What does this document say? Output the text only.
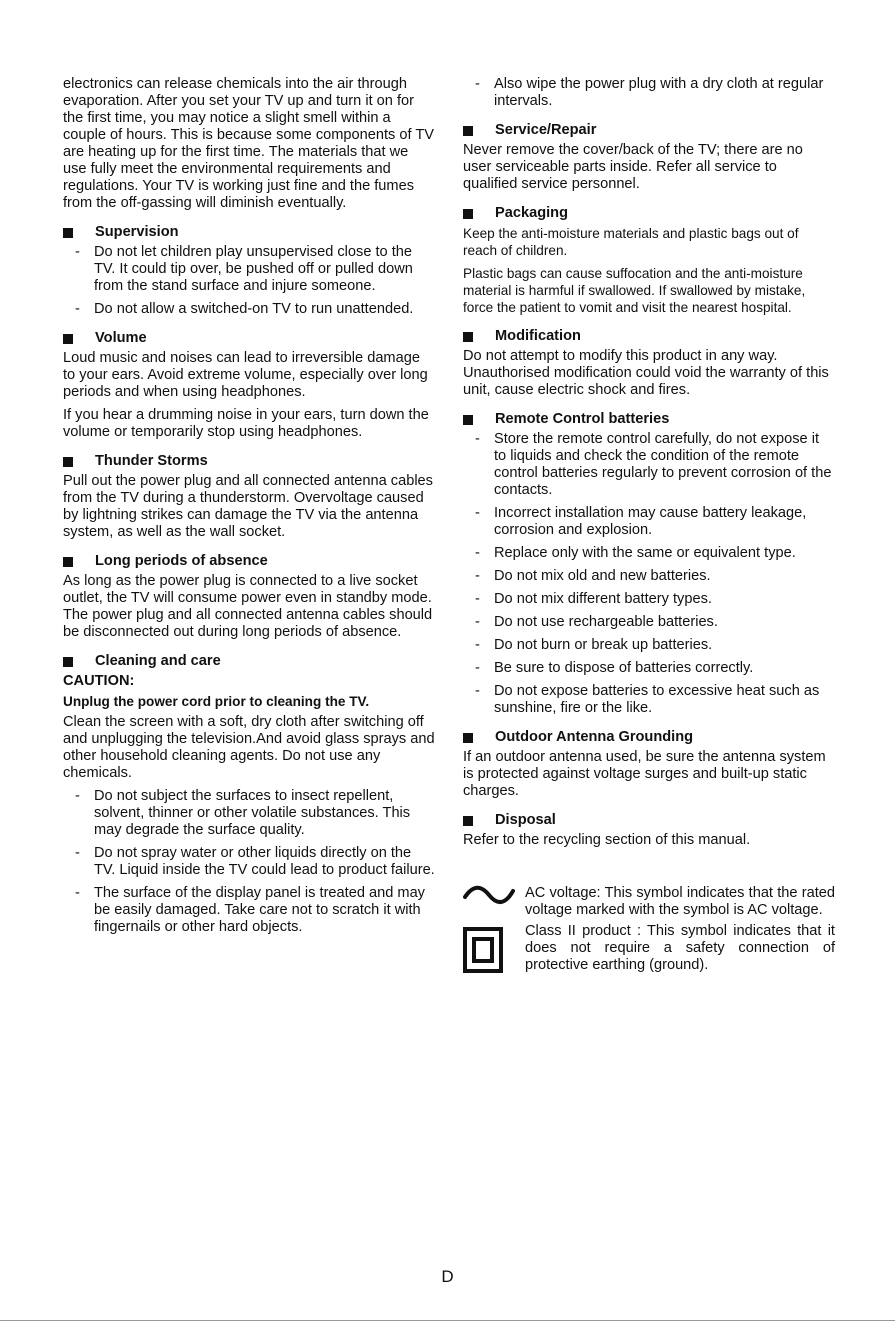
electronics can release chemicals into the air through evaporation. After you set your TV up and turn it on for the first time, you may notice a slight smell within a couple of hours. This is because some components of TV are heating up for the first time. The materials that we use fully meet the environmental requirements and regulations. Your TV is working just fine and the fumes from the off-gassing will diminish eventually.

Supervision
- Do not let children play unsupervised close to the TV. It could tip over, be pushed off or pulled down from the stand surface and injure someone.
- Do not allow a switched-on TV to run unattended.
Volume

Loud music and noises can lead to irreversible damage to your ears. Avoid extreme volume, especially over long periods and when using headphones.

If you hear a drumming noise in your ears, turn down the volume or temporarily stop using headphones.

Thunder Storms

Pull out the power plug and all connected antenna cables from the TV during a thunderstorm. Overvoltage caused by lightning strikes can damage the TV via the antenna system, as well as the wall socket.

Long periods of absence

As long as the power plug is connected to a live socket outlet, the TV will consume power even in standby mode. The power plug and all connected antenna cables should be disconnected out during long periods of absence.

Cleaning and care

CAUTION:

Unplug the power cord prior to cleaning the TV.

Clean the screen with a soft, dry cloth after switching off and unplugging the television.And avoid glass sprays and other household cleaning agents. Do not use any chemicals.

- Do not subject the surfaces to insect repellent, solvent, thinner or other volatile substances. This may degrade the surface quality.
- Do not spray water or other liquids directly on the TV. Liquid inside the TV could lead to product failure.
- The surface of the display panel is treated and may be easily damaged. Take care not to scratch it with fingernails or other hard objects.
- Also wipe the power plug with a dry cloth at regular intervals.
Service/Repair

Never remove the cover/back of the TV; there are no user serviceable parts inside. Refer all service to qualified service personnel.

Packaging

Keep the anti-moisture materials and plastic bags out of reach of children.

Plastic bags can cause suffocation and the anti-moisture material is harmful if swallowed. If swallowed by mistake, force the patient to vomit and visit the nearest hospital.

Modification

Do not attempt to modify this product in any way. Unauthorised modification could void the warranty of this unit, cause electric shock and fires.

Remote Control batteries
- Store the remote control carefully, do not expose it to liquids and check the condition of the remote control batteries regularly to prevent corrosion of the contacts.
- Incorrect installation may cause battery leakage, corrosion and explosion.
- Replace only with the same or equivalent type.
- Do not mix old and new batteries.
- Do not mix different battery types.
- Do not use rechargeable batteries.
- Do not burn or break up batteries.
- Be sure to dispose of batteries correctly.
- Do not expose batteries to excessive heat such as sunshine, fire or the like.
Outdoor Antenna Grounding

If an outdoor antenna used, be sure the antenna system is protected against voltage surges and built-up static charges.

Disposal

Refer to the recycling section of this manual.

AC voltage: This symbol indicates that the rated voltage marked with the symbol is AC voltage.
Class II product : This symbol indicates that it does not require a safety connection of protective earthing (ground).
D
